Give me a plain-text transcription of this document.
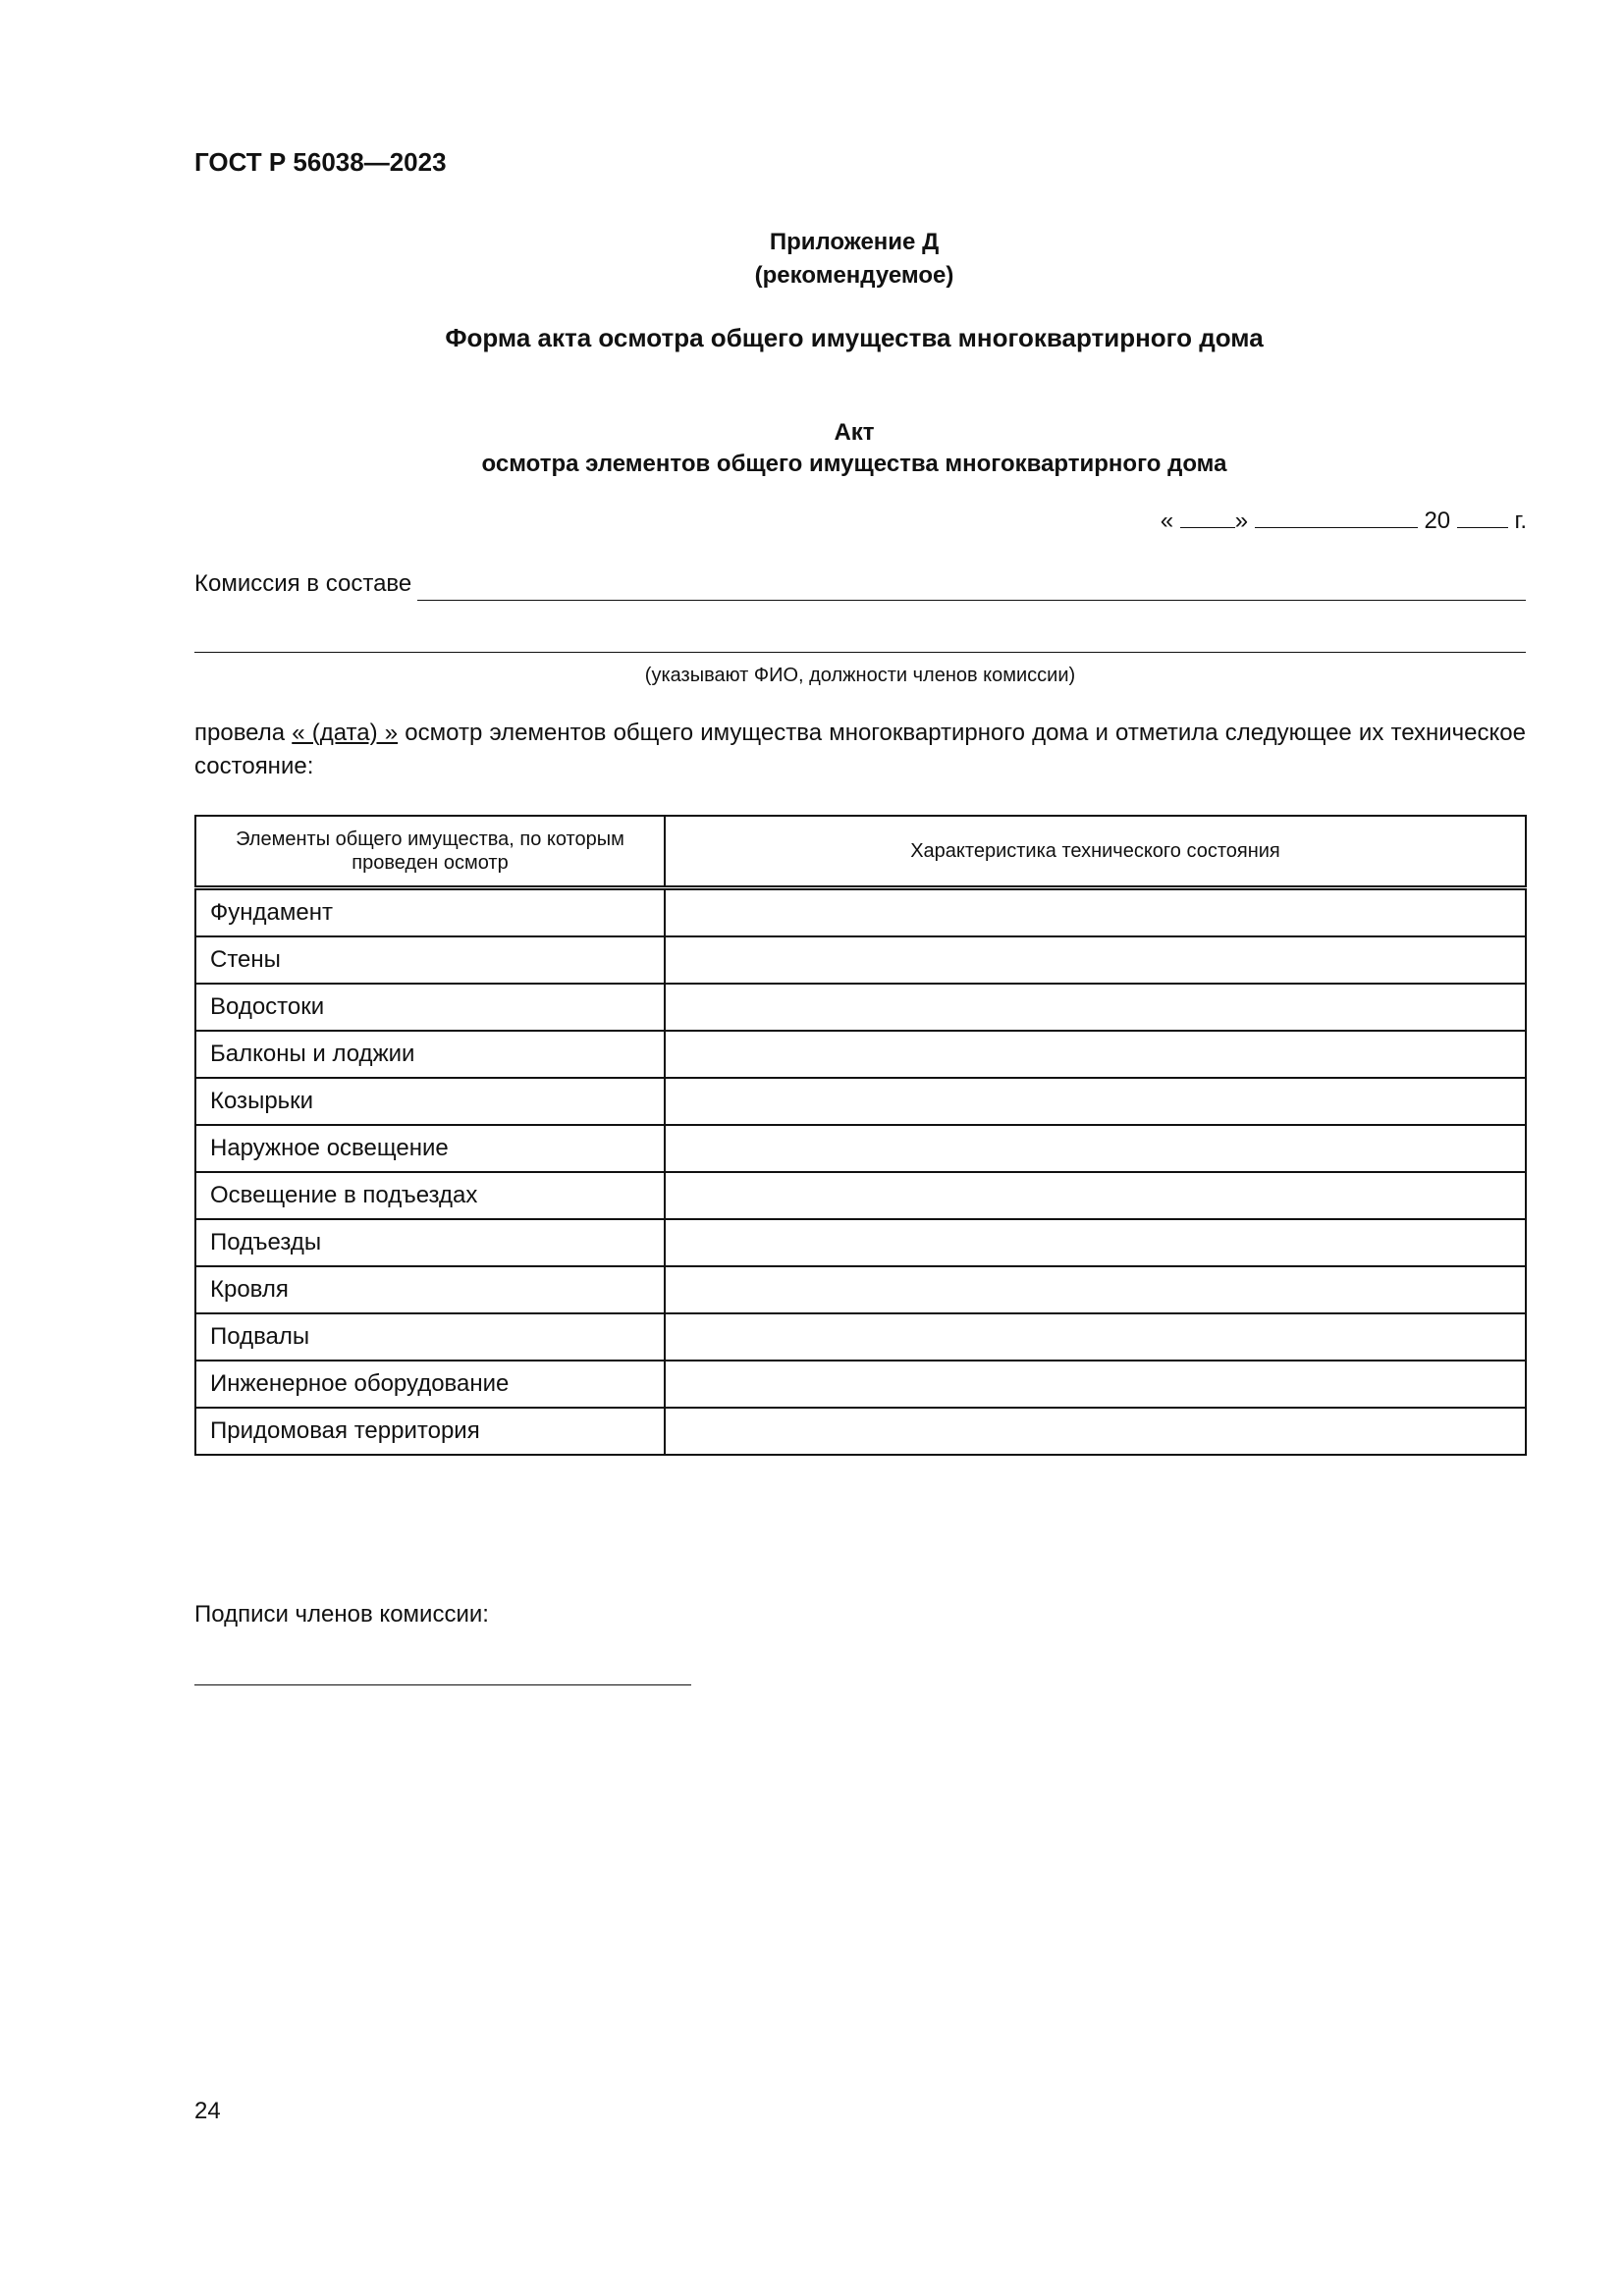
ГОСТ Р 56038—2023
Приложение Д
(рекомендуемое)
Форма акта осмотра общего имущества многоквартирного дома
Акт
осмотра элементов общего имущества многоквартирного дома
«	»	20	г.
Комиссия в составе
(указывают ФИО, должности членов комиссии)
провела « (дата) » осмотр элементов общего имущества многоквартирного дома и отметила следующее их техническое состояние:
Элементы общего имущества, по которым проведен осмотр	Характеристика технического состояния
Фундамент	
Стены	
Водостоки	
Балконы и лоджии	
Козырьки	
Наружное освещение	
Освещение в подъездах	
Подъезды	
Кровля	
Подвалы	
Инженерное оборудование	
Придомовая территория	
Подписи членов комиссии:
24
